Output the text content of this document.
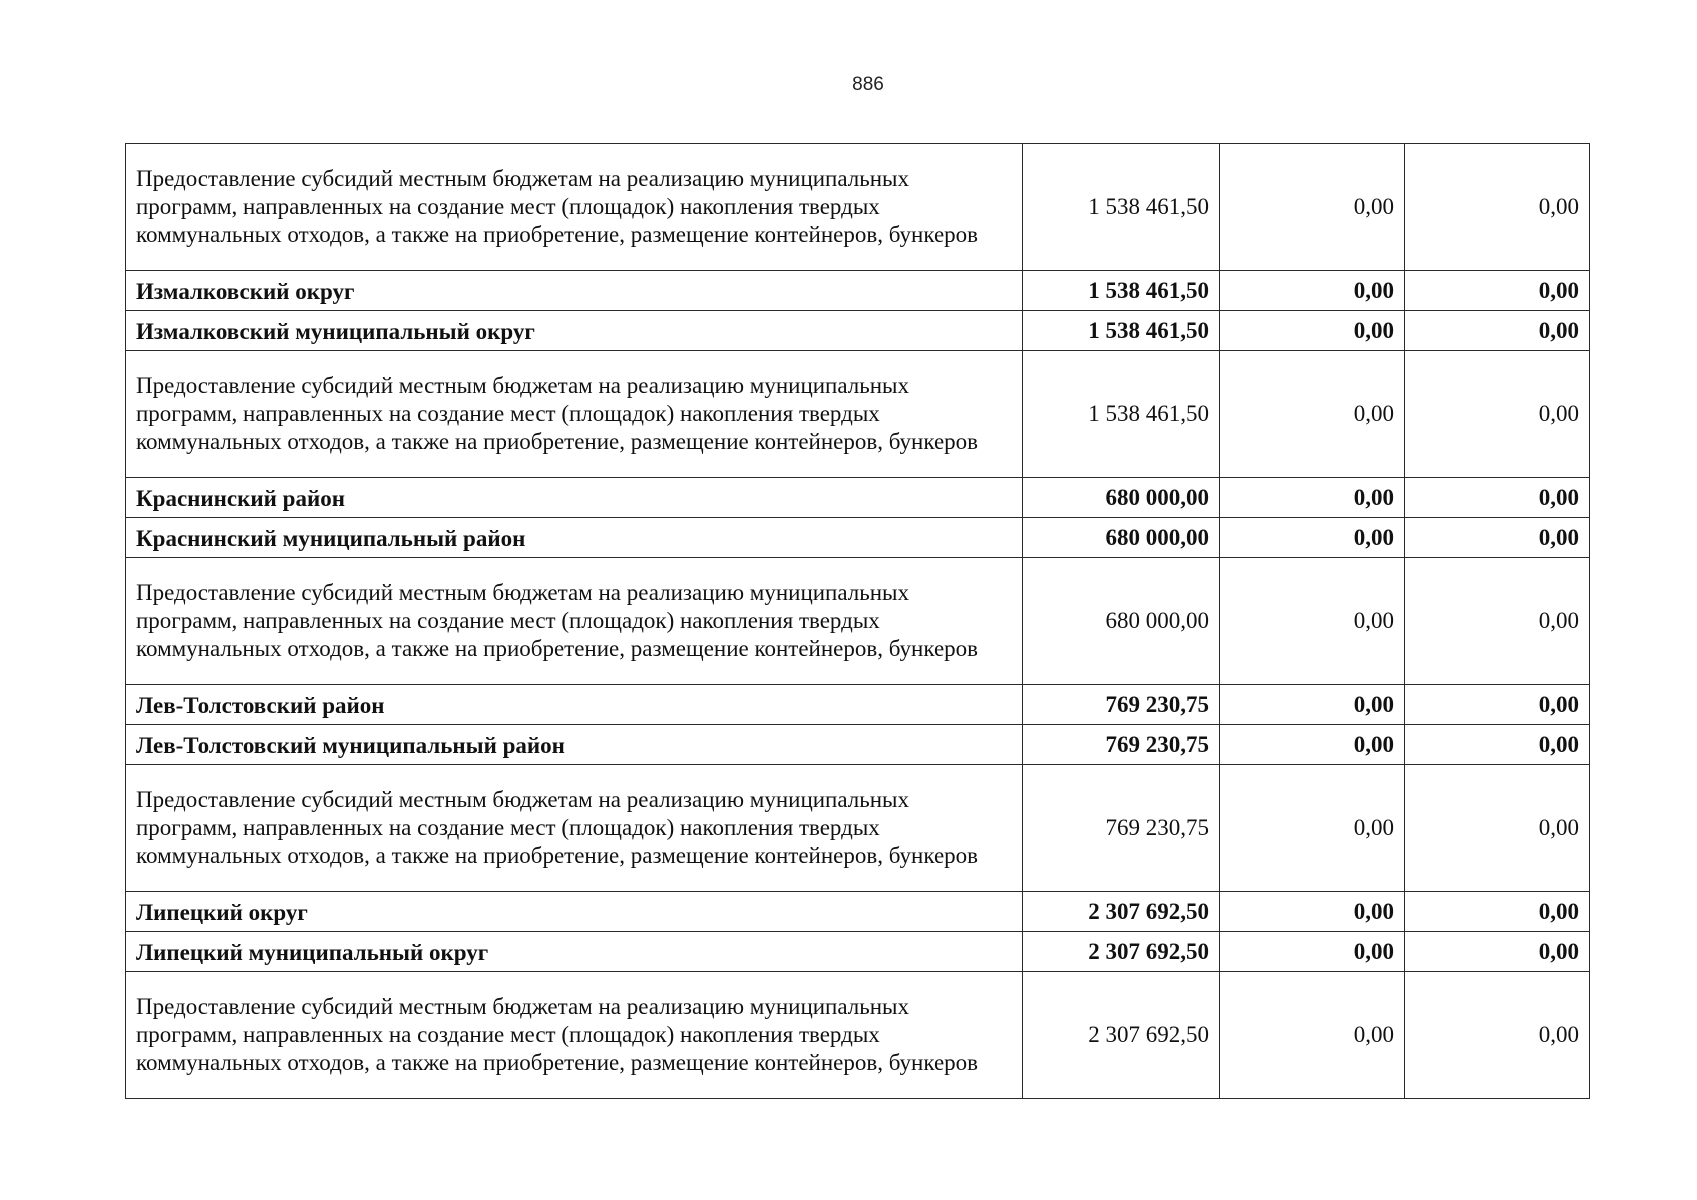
886
Предоставление субсидий местным бюджетам на реализацию муниципальных программ, направленных на создание мест (площадок) накопления твердых коммунальных отходов, а также на приобретение, размещение контейнеров, бункеров	1 538 461,50	0,00	0,00
Измалковский округ	1 538 461,50	0,00	0,00
Измалковский муниципальный округ	1 538 461,50	0,00	0,00
Предоставление субсидий местным бюджетам на реализацию муниципальных программ, направленных на создание мест (площадок) накопления твердых коммунальных отходов, а также на приобретение, размещение контейнеров, бункеров	1 538 461,50	0,00	0,00
Краснинский район	680 000,00	0,00	0,00
Краснинский муниципальный район	680 000,00	0,00	0,00
Предоставление субсидий местным бюджетам на реализацию муниципальных программ, направленных на создание мест (площадок) накопления твердых коммунальных отходов, а также на приобретение, размещение контейнеров, бункеров	680 000,00	0,00	0,00
Лев-Толстовский район	769 230,75	0,00	0,00
Лев-Толстовский муниципальный район	769 230,75	0,00	0,00
Предоставление субсидий местным бюджетам на реализацию муниципальных программ, направленных на создание мест (площадок) накопления твердых коммунальных отходов, а также на приобретение, размещение контейнеров, бункеров	769 230,75	0,00	0,00
Липецкий округ	2 307 692,50	0,00	0,00
Липецкий муниципальный округ	2 307 692,50	0,00	0,00
Предоставление субсидий местным бюджетам на реализацию муниципальных программ, направленных на создание мест (площадок) накопления твердых коммунальных отходов, а также на приобретение, размещение контейнеров, бункеров	2 307 692,50	0,00	0,00
